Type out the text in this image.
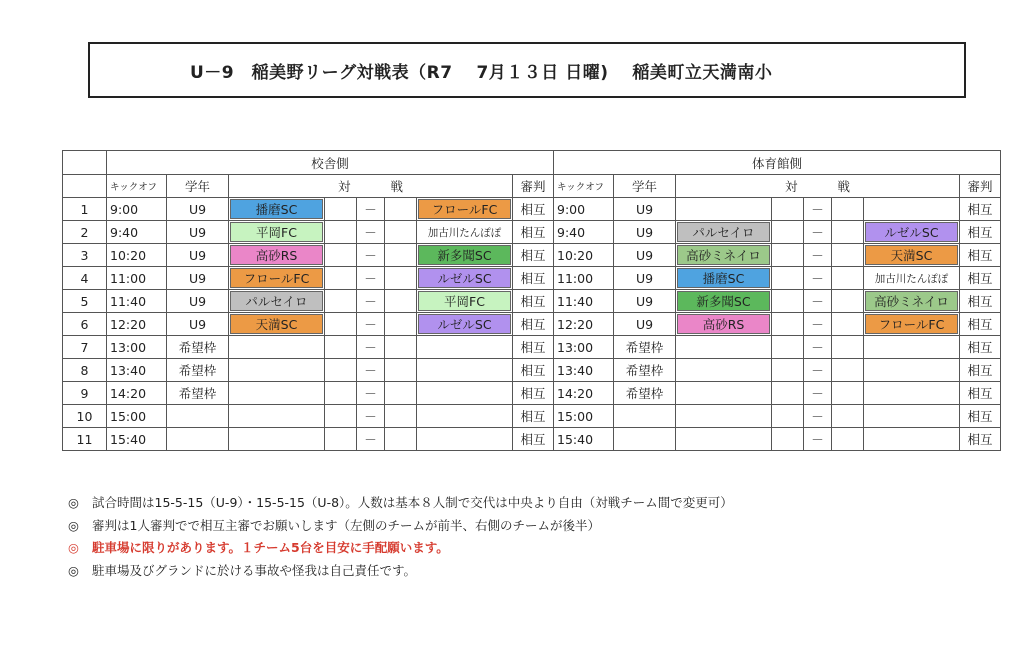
U－9　稲美野リーグ対戦表（R7　 7月１３日 日曜)　 稲美町立天満南小
	校舎側								体育館側							
	キックオフ	学年	対 戦					審判	キックオフ	学年	対 戦					審判
1	9:00	U9	播磨SC		－		フロールFC	相互	9:00	U9			－			相互
2	9:40	U9	平岡FC		－		加古川たんぽぽ	相互	9:40	U9	パルセイロ		－		ルゼルSC	相互
3	10:20	U9	高砂RS		－		新多聞SC	相互	10:20	U9	高砂ミネイロ		－		天満SC	相互
4	11:00	U9	フロールFC		－		ルゼルSC	相互	11:00	U9	播磨SC		－		加古川たんぽぽ	相互
5	11:40	U9	パルセイロ		－		平岡FC	相互	11:40	U9	新多聞SC		－		高砂ミネイロ	相互
6	12:20	U9	天満SC		－		ルゼルSC	相互	12:20	U9	高砂RS		－		フロールFC	相互
7	13:00	希望枠			－			相互	13:00	希望枠			－			相互
8	13:40	希望枠			－			相互	13:40	希望枠			－			相互
9	14:20	希望枠			－			相互	14:20	希望枠			－			相互
10	15:00				－			相互	15:00				－			相互
11	15:40				－			相互	15:40				－			相互
◎ 試合時間は15-5-15（U-9）・15-5-15（U-8）。人数は基本８人制で交代は中央より自由（対戦チーム間で変更可）
◎ 審判は1人審判でで相互主審でお願いします（左側のチームが前半、右側のチームが後半）
◎ 駐車場に限りがあります。１チーム5台を目安に手配願います。
◎ 駐車場及びグランドに於ける事故や怪我は自己責任です。
